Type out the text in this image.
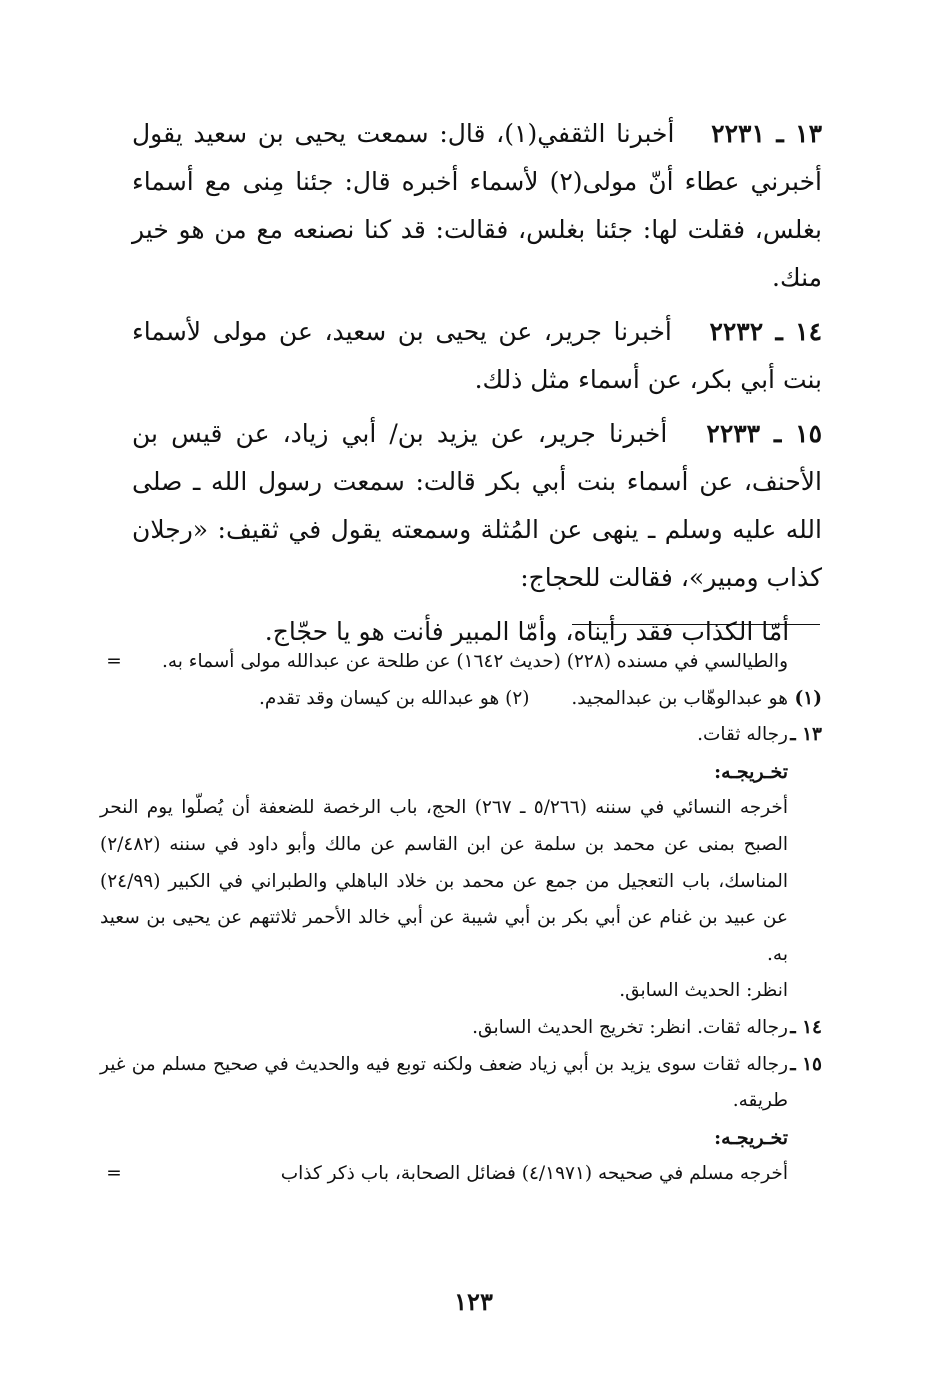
١٣ ـ ٢٢٣١ أخبرنا الثقفي(١)، قال: سمعت يحيى بن سعيد يقول أخبرني عطاء أنّ مولى(٢) لأسماء أخبره قال: جئنا مِنى مع أسماء بغلس، فقلت لها: جئنا بغلس، فقالت: قد كنا نصنعه مع من هو خير منك.

١٤ ـ ٢٢٣٢ أخبرنا جرير، عن يحيى بن سعيد، عن مولى لأسماء بنت أبي بكر، عن أسماء مثل ذلك.

١٥ ـ ٢٢٣٣ أخبرنا جرير، عن يزيد بن/ أبي زياد، عن قيس بن الأحنف، عن أسماء بنت أبي بكر قالت: سمعت رسول الله ـ صلى الله عليه وسلم ـ ينهى عن المُثلة وسمعته يقول في ثقيف: «رجلان كذاب ومبير»، فقالت للحجاج:

أمّا الكذاب فقد رأيناه، وأمّا المبير فأنت هو يا حجّاج.

والطيالسي في مسنده (٢٢٨) (حديث ١٦٤٢) عن طلحة عن عبدالله مولى أسماء به.
=
(١)
هو عبدالوهّاب بن عبدالمجيد. (٢) هو عبدالله بن كيسان وقد تقدم.
١٣ ـ
رجاله ثقات.
تخـريجـه:
أخرجه النسائي في سننه (٥/٢٦٦ ـ ٢٦٧) الحج، باب الرخصة للضعفة أن يُصلّوا يوم النحر الصبح بمنى عن محمد بن سلمة عن ابن القاسم عن مالك وأبو داود في سننه (٢/٤٨٢) المناسك، باب التعجيل من جمع عن محمد بن خلاد الباهلي والطبراني في الكبير (٢٤/٩٩) عن عبيد بن غنام عن أبي بكر بن أبي شيبة عن أبي خالد الأحمر ثلاثتهم عن يحيى بن سعيد به.
انظر: الحديث السابق.
١٤ ـ
رجاله ثقات. انظر: تخريج الحديث السابق.
١٥ ـ
رجاله ثقات سوى يزيد بن أبي زياد ضعف ولكنه توبع فيه والحديث في صحيح مسلم من غير طريقه.
تخـريجـه:
أخرجه مسلم في صحيحه (٤/١٩٧١) فضائل الصحابة، باب ذكر كذاب
=
١٢٣
